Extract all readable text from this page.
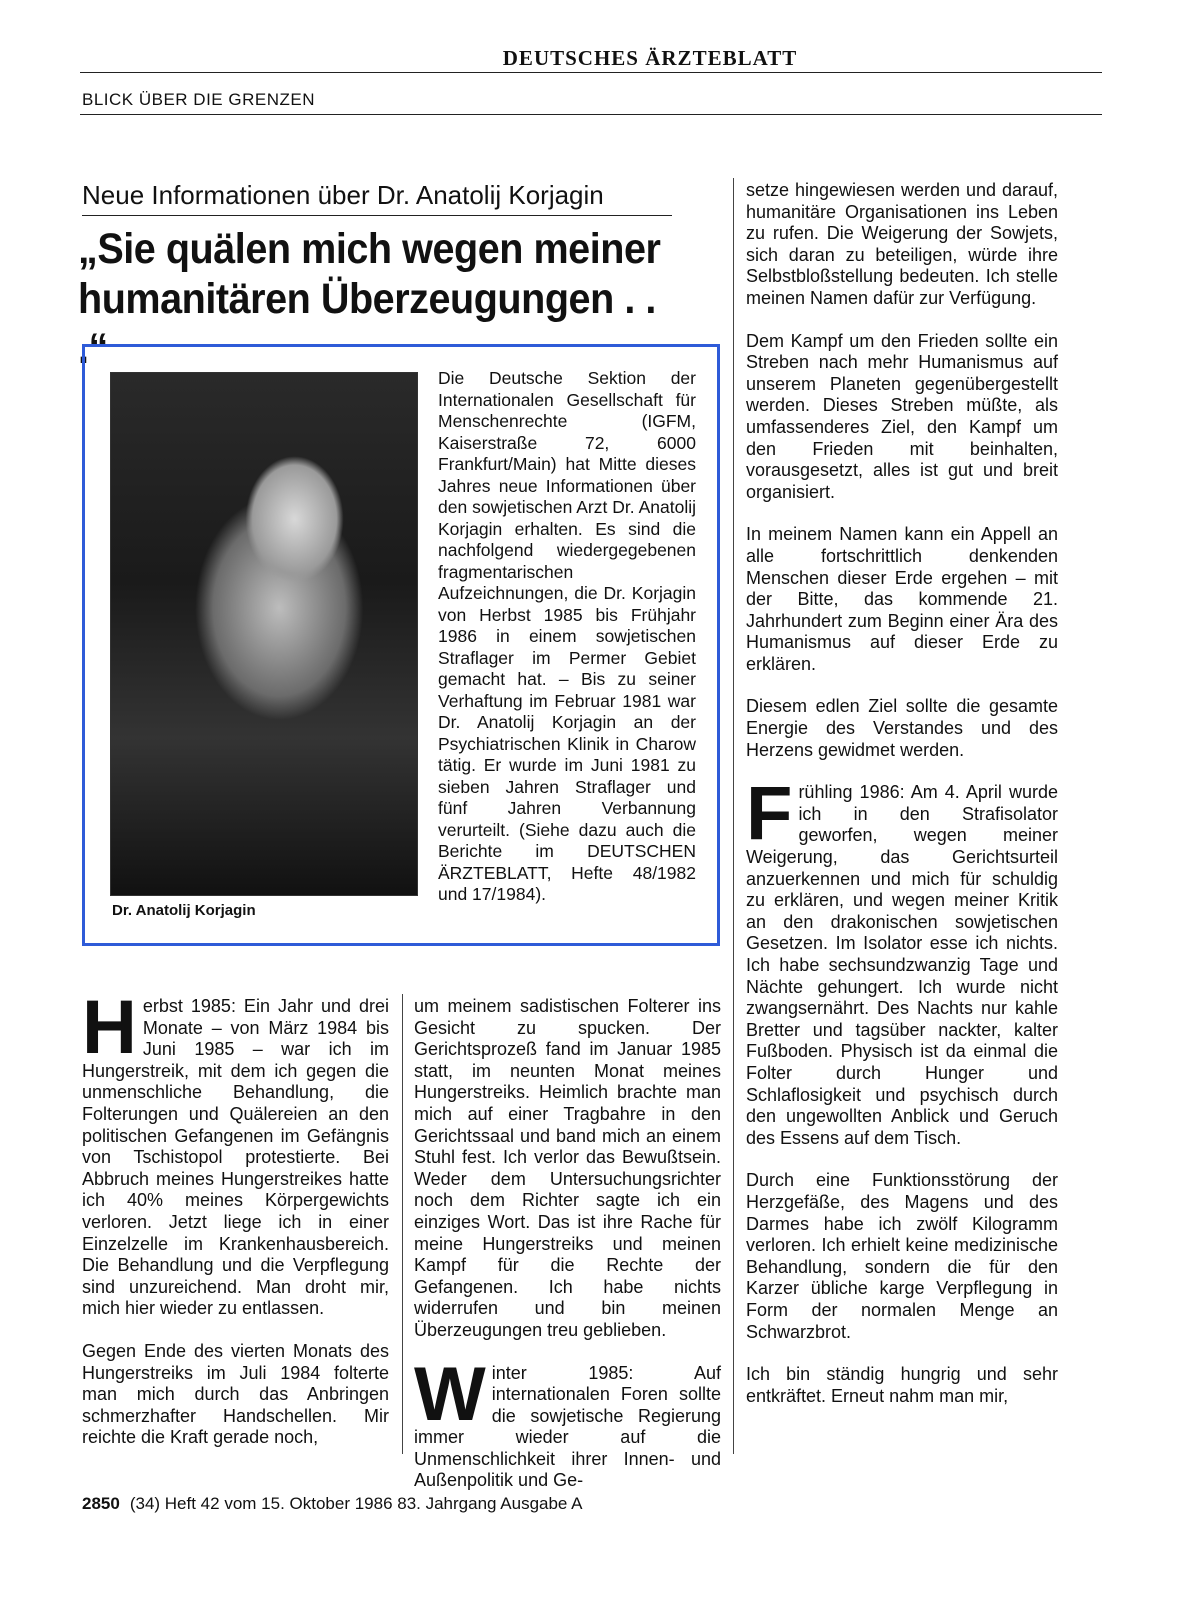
DEUTSCHES ÄRZTEBLATT
BLICK ÜBER DIE GRENZEN
Neue Informationen über Dr. Anatolij Korjagin
„Sie quälen mich wegen meiner humanitären Überzeugungen . . .“
Dr. Anatolij Korjagin
Die Deutsche Sektion der Internationalen Gesellschaft für Menschenrechte (IGFM, Kaiserstraße 72, 6000 Frankfurt/Main) hat Mitte dieses Jahres neue Informationen über den sowjetischen Arzt Dr. Anatolij Korjagin erhalten. Es sind die nachfolgend wiedergegebenen fragmentarischen Aufzeichnungen, die Dr. Korjagin von Herbst 1985 bis Frühjahr 1986 in einem sowjetischen Straflager im Permer Gebiet gemacht hat. – Bis zu seiner Verhaftung im Februar 1981 war Dr. Anatolij Korjagin an der Psychiatrischen Klinik in Charow tätig. Er wurde im Juni 1981 zu sieben Jahren Straflager und fünf Jahren Verbannung verurteilt. (Siehe dazu auch die Berichte im DEUTSCHEN ÄRZTEBLATT, Hefte 48/1982 und 17/1984).

Herbst 1985: Ein Jahr und drei Monate – von März 1984 bis Juni 1985 – war ich im Hungerstreik, mit dem ich gegen die unmenschliche Behandlung, die Folterungen und Quälereien an den politischen Gefangenen im Gefängnis von Tschistopol protestierte. Bei Abbruch meines Hungerstreikes hatte ich 40% meines Körpergewichts verloren. Jetzt liege ich in einer Einzelzelle im Krankenhausbereich. Die Behandlung und die Verpflegung sind unzureichend. Man droht mir, mich hier wieder zu entlassen.

Gegen Ende des vierten Monats des Hungerstreiks im Juli 1984 folterte man mich durch das Anbringen schmerzhafter Handschellen. Mir reichte die Kraft gerade noch,

um meinem sadistischen Folterer ins Gesicht zu spucken. Der Gerichtsprozeß fand im Januar 1985 statt, im neunten Monat meines Hungerstreiks. Heimlich brachte man mich auf einer Tragbahre in den Gerichtssaal und band mich an einem Stuhl fest. Ich verlor das Bewußtsein. Weder dem Untersuchungsrichter noch dem Richter sagte ich ein einziges Wort. Das ist ihre Rache für meine Hungerstreiks und meinen Kampf für die Rechte der Gefangenen. Ich habe nichts widerrufen und bin meinen Überzeugungen treu geblieben.

Winter 1985: Auf internationalen Foren sollte die sowjetische Regierung immer wieder auf die Unmenschlichkeit ihrer Innen- und Außenpolitik und Ge-

setze hingewiesen werden und darauf, humanitäre Organisationen ins Leben zu rufen. Die Weigerung der Sowjets, sich daran zu beteiligen, würde ihre Selbstbloßstellung bedeuten. Ich stelle meinen Namen dafür zur Verfügung.

Dem Kampf um den Frieden sollte ein Streben nach mehr Humanismus auf unserem Planeten gegenübergestellt werden. Dieses Streben müßte, als umfassenderes Ziel, den Kampf um den Frieden mit beinhalten, vorausgesetzt, alles ist gut und breit organisiert.

In meinem Namen kann ein Appell an alle fortschrittlich denkenden Menschen dieser Erde ergehen – mit der Bitte, das kommende 21. Jahrhundert zum Beginn einer Ära des Humanismus auf dieser Erde zu erklären.

Diesem edlen Ziel sollte die gesamte Energie des Verstandes und des Herzens gewidmet werden.

Frühling 1986: Am 4. April wurde ich in den Strafisolator geworfen, wegen meiner Weigerung, das Gerichtsurteil anzuerkennen und mich für schuldig zu erklären, und wegen meiner Kritik an den drakonischen sowjetischen Gesetzen. Im Isolator esse ich nichts. Ich habe sechsundzwanzig Tage und Nächte gehungert. Ich wurde nicht zwangsernährt. Des Nachts nur kahle Bretter und tagsüber nackter, kalter Fußboden. Physisch ist da einmal die Folter durch Hunger und Schlaflosigkeit und psychisch durch den ungewollten Anblick und Geruch des Essens auf dem Tisch.

Durch eine Funktionsstörung der Herzgefäße, des Magens und des Darmes habe ich zwölf Kilogramm verloren. Ich erhielt keine medizinische Behandlung, sondern die für den Karzer übliche karge Verpflegung in Form der normalen Menge an Schwarzbrot.

Ich bin ständig hungrig und sehr entkräftet. Erneut nahm man mir,

2850 (34) Heft 42 vom 15. Oktober 1986 83. Jahrgang Ausgabe A
